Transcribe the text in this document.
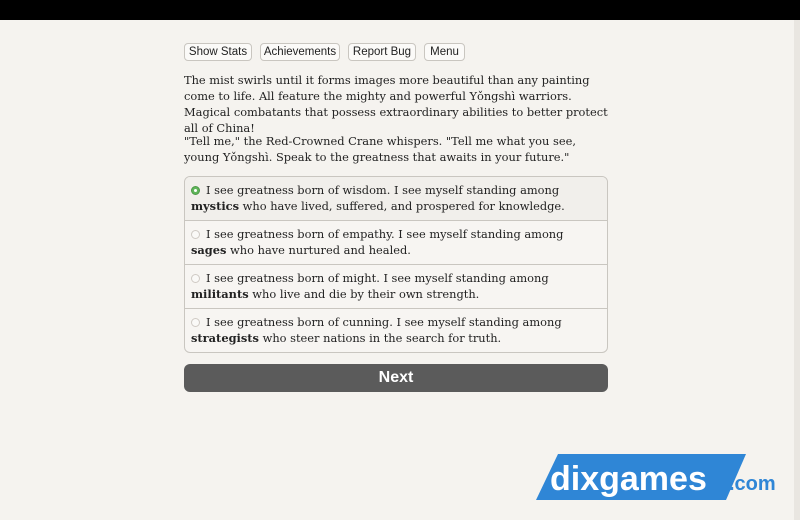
Show Stats	Achievements	Report Bug	Menu
The mist swirls until it forms images more beautiful than any painting come to life. All feature the mighty and powerful Yǒngshì warriors. Magical combatants that possess extraordinary abilities to better protect all of China!
"Tell me," the Red-Crowned Crane whispers. "Tell me what you see, young Yǒngshì. Speak to the greatness that awaits in your future."
I see greatness born of wisdom. I see myself standing among mystics who have lived, suffered, and prospered for knowledge.
I see greatness born of empathy. I see myself standing among sages who have nurtured and healed.
I see greatness born of might. I see myself standing among militants who live and die by their own strength.
I see greatness born of cunning. I see myself standing among strategists who steer nations in the search for truth.
Next
dixgames .com
